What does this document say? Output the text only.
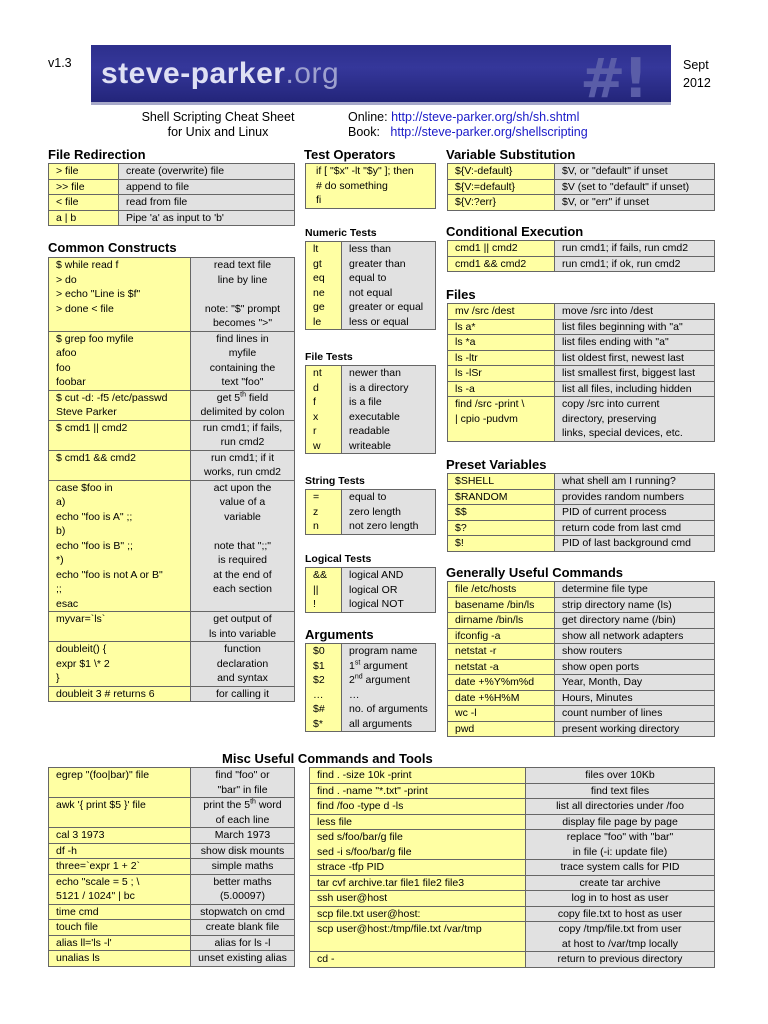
v1.3 steve-parker.org	#!	Sept
2012
Shell Scripting Cheat Sheet
for Unix and Linux
Online: http://steve-parker.org/sh/sh.shtml
Book: http://steve-parker.org/shellscripting
File Redirection
Common Constructs
Test Operators
Numeric Tests
File Tests
String Tests
Logical Tests
Arguments
Variable Substitution
Conditional Execution
Files
Preset Variables
Generally Useful Commands
Misc Useful Commands and Tools
> file	create (overwrite) file
>> file	append to file
< file	read from file
a | b	Pipe 'a' as input to 'b'
$ while read f	read text file
> do	line by line
> echo "Line is $f"	
> done < file	note: "$" prompt
	becomes ">"
$ grep foo myfile	find lines in
afoo	myfile
foo	containing the
foobar	text "foo"
$ cut -d: -f5 /etc/passwd	get 5th field
Steve Parker	delimited by colon
$ cmd1 || cmd2	run cmd1; if fails,
	run cmd2
$ cmd1 && cmd2	run cmd1; if it
	works, run cmd2
case $foo in	act upon the
a)	value of a
echo "foo is A" ;;	variable
b)	
echo "foo is B" ;;	note that ";;"
*)	is required
echo "foo is not A or B"	at the end of
;;	each section
esac	
myvar=`ls`	get output of
	ls into variable
doubleit() {	function
expr $1 \* 2	declaration
}	and syntax
doubleit 3 # returns 6	for calling it
if [ "$x" -lt "$y" ]; then
# do something
fi
lt	less than
gt	greater than
eq	equal to
ne	not equal
ge	greater or equal
le	less or equal
nt	newer than
d	is a directory
f	is a file
x	executable
r	readable
w	writeable
=	equal to
z	zero length
n	not zero length
&&	logical AND
||	logical OR
!	logical NOT
$0	program name
$1	1st argument
$2	2nd argument
…	…
$#	no. of arguments
$*	all arguments
${V:-default}	$V, or "default" if unset
${V:=default}	$V (set to "default" if unset)
${V:?err}	$V, or "err" if unset
cmd1 || cmd2	run cmd1; if fails, run cmd2
cmd1 && cmd2	run cmd1; if ok, run cmd2
mv /src /dest	move /src into /dest
ls a*	list files beginning with "a"
ls *a	list files ending with "a"
ls -ltr	list oldest first, newest last
ls -lSr	list smallest first, biggest last
ls -a	list all files, including hidden
find /src -print \	copy /src into current
| cpio -pudvm	directory, preserving
	links, special devices, etc.
$SHELL	what shell am I running?
$RANDOM	provides random numbers
$$	PID of current process
$?	return code from last cmd
$!	PID of last background cmd
file /etc/hosts	determine file type
basename /bin/ls	strip directory name (ls)
dirname /bin/ls	get directory name (/bin)
ifconfig -a	show all network adapters
netstat -r	show routers
netstat -a	show open ports
date +%Y%m%d	Year, Month, Day
date +%H%M	Hours, Minutes
wc -l	count number of lines
pwd	present working directory
egrep "(foo|bar)" file	find "foo" or
	"bar" in file
awk '{ print $5 }' file	print the 5th word
	of each line
cal 3 1973	March 1973
df -h	show disk mounts
three=`expr 1 + 2`	simple maths
echo "scale = 5 ; \	better maths
5121 / 1024" | bc	(5.00097)
time cmd	stopwatch on cmd
touch file	create blank file
alias ll='ls -l'	alias for ls -l
unalias ls	unset existing alias
find . -size 10k -print	files over 10Kb
find . -name "*.txt" -print	find text files
find /foo -type d -ls	list all directories under /foo
less file	display file page by page
sed s/foo/bar/g file	replace "foo" with "bar"
sed -i s/foo/bar/g file	in file (-i: update file)
strace -tfp PID	trace system calls for PID
tar cvf archive.tar file1 file2 file3	create tar archive
ssh user@host	log in to host as user
scp file.txt user@host:	copy file.txt to host as user
scp user@host:/tmp/file.txt /var/tmp	copy /tmp/file.txt from user
	at host to /var/tmp locally
cd -	return to previous directory
